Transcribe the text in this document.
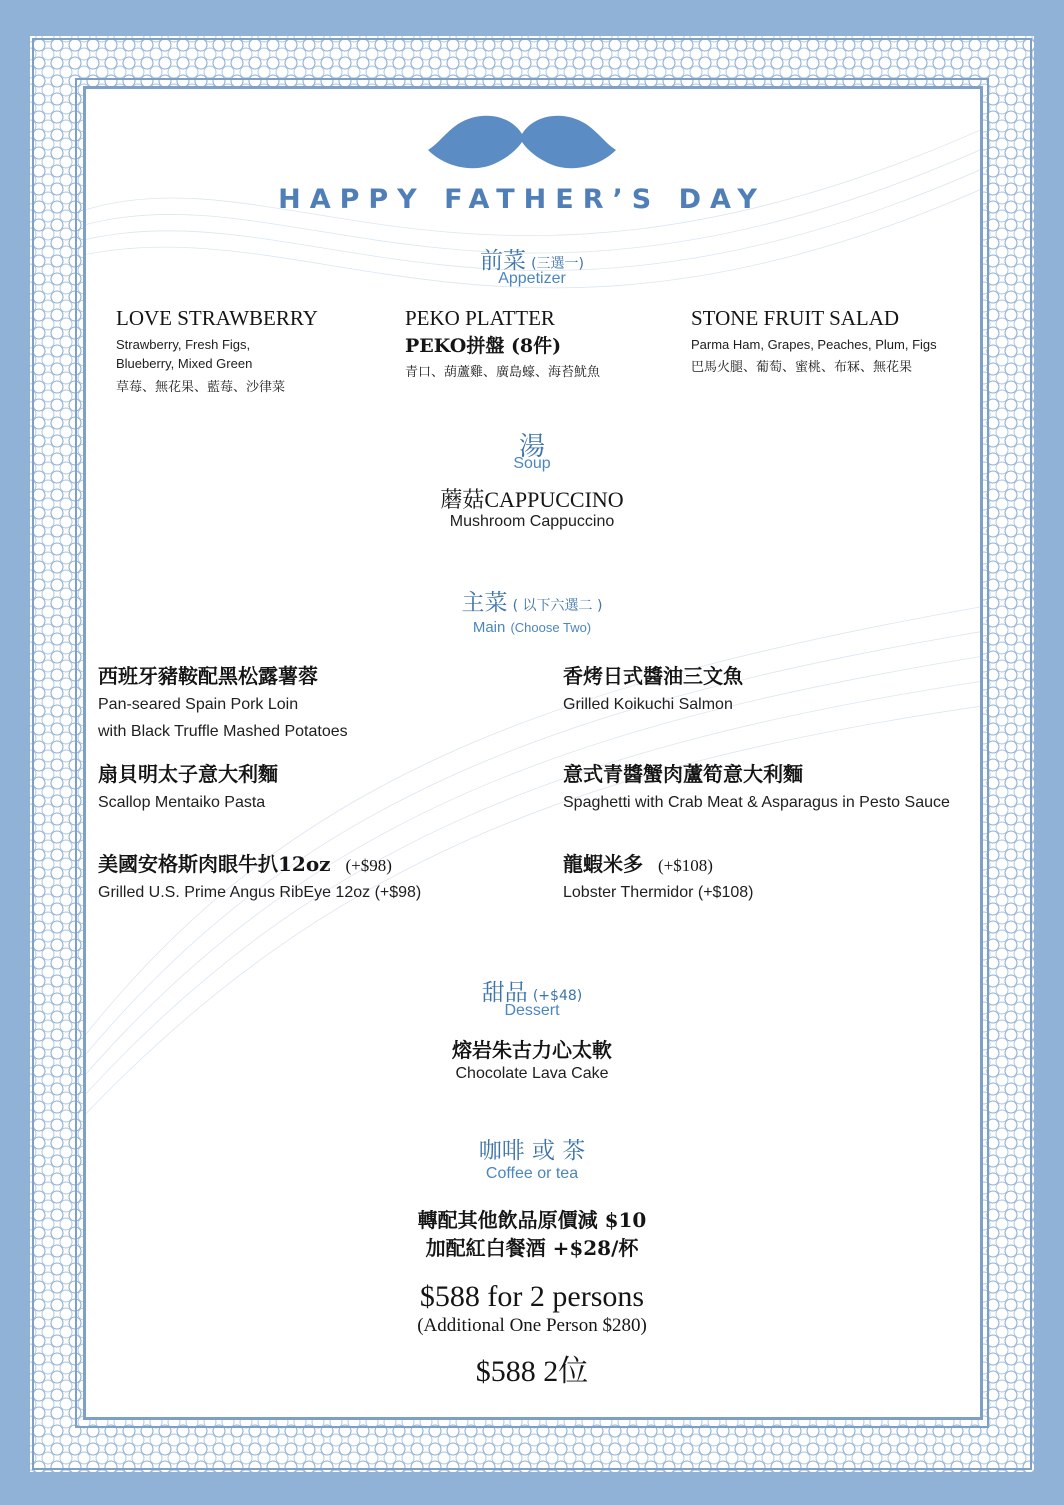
HAPPY FATHER’S DAY
前菜 (三選一)
Appetizer
LOVE STRAWBERRY
Strawberry, Fresh Figs,
Blueberry, Mixed Green
草莓、無花果、藍莓、沙律菜
PEKO PLATTER
PEKO拼盤 (8件)
青口、葫蘆雞、廣島蠔、海苔魷魚
STONE FRUIT SALAD
Parma Ham, Grapes, Peaches, Plum, Figs
巴馬火腿、葡萄、蜜桃、布冧、無花果
湯
Soup
蘑菇CAPPUCCINO
Mushroom Cappuccino
主菜 ( 以下六選二 )
Main (Choose Two)
西班牙豬鞍配黑松露薯蓉
Pan-seared Spain Pork Loin
with Black Truffle Mashed Potatoes
扇貝明太子意大利麵
Scallop Mentaiko Pasta
美國安格斯肉眼牛扒12oz (+$98)
Grilled U.S. Prime Angus RibEye 12oz (+$98)
香烤日式醬油三文魚
Grilled Koikuchi Salmon
意式青醬蟹肉蘆筍意大利麵
Spaghetti with Crab Meat & Asparagus in Pesto Sauce
龍蝦米多 (+$108)
Lobster Thermidor (+$108)
甜品 (+$48)
Dessert
熔岩朱古力心太軟
Chocolate Lava Cake
咖啡 或 茶
Coffee or tea
轉配其他飲品原價減 $10
加配紅白餐酒 +$28/杯
$588 for 2 persons
(Additional One Person $280)
$588 2位
